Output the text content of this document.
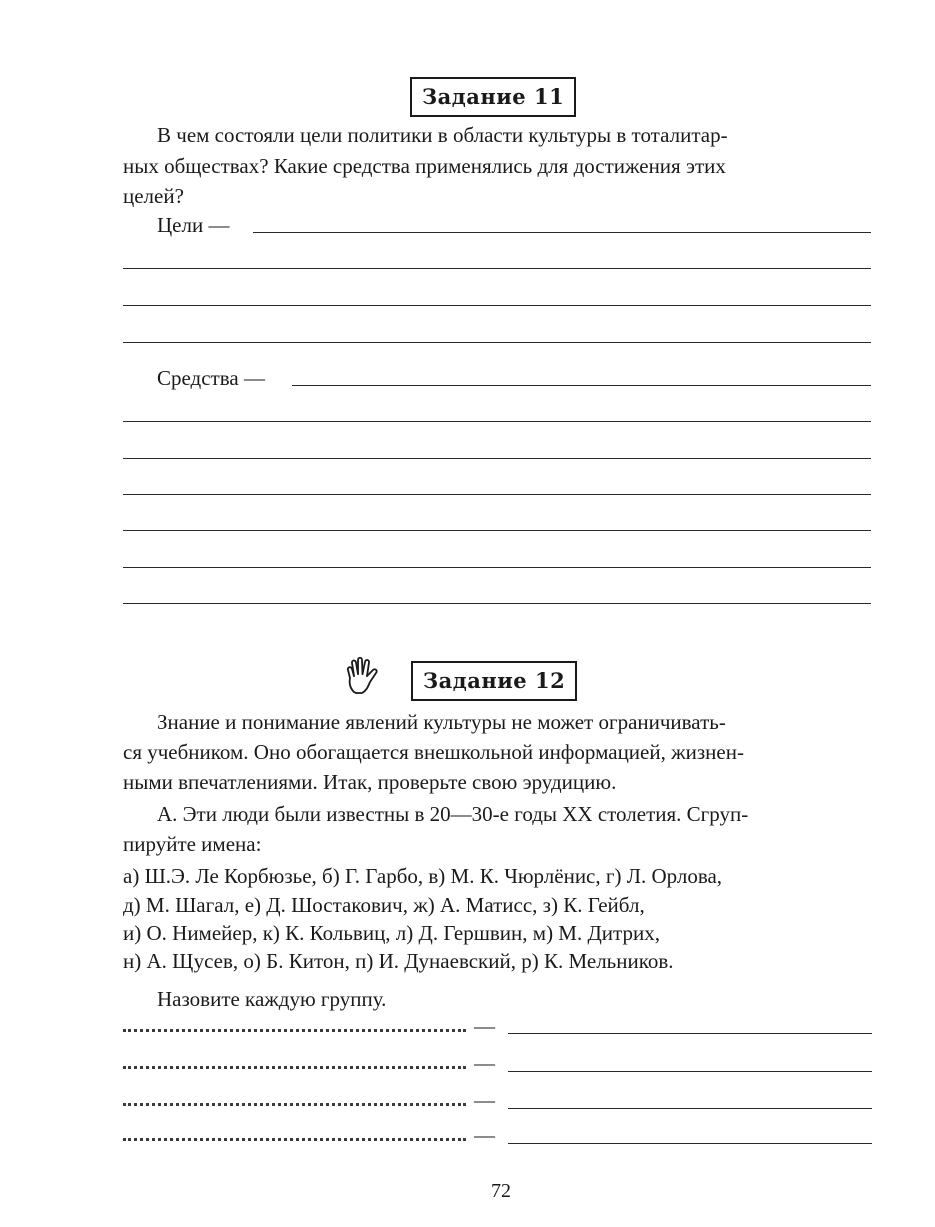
Задание 11
В чем состояли цели политики в области культуры в тоталитар-
ных обществах? Какие средства применялись для достижения этих
целей?
Цели —
Средства —
Задание 12
Знание и понимание явлений культуры не может ограничивать-
ся учебником. Оно обогащается внешкольной информацией, жизнен-
ными впечатлениями. Итак, проверьте свою эрудицию.
А. Эти люди были известны в 20—30-е годы XX столетия. Сгруп-
пируйте имена:
а) Ш.Э. Ле Корбюзье, б) Г. Гарбо, в) М. К. Чюрлёнис, г) Л. Орлова,
д) М. Шагал, е) Д. Шостакович, ж) А. Матисс, з) К. Гейбл,
и) О. Нимейер, к) К. Кольвиц, л) Д. Гершвин, м) М. Дитрих,
н) А. Щусев, о) Б. Китон, п) И. Дунаевский, р) К. Мельников.
Назовите каждую группу.
—
—
—
—
72
